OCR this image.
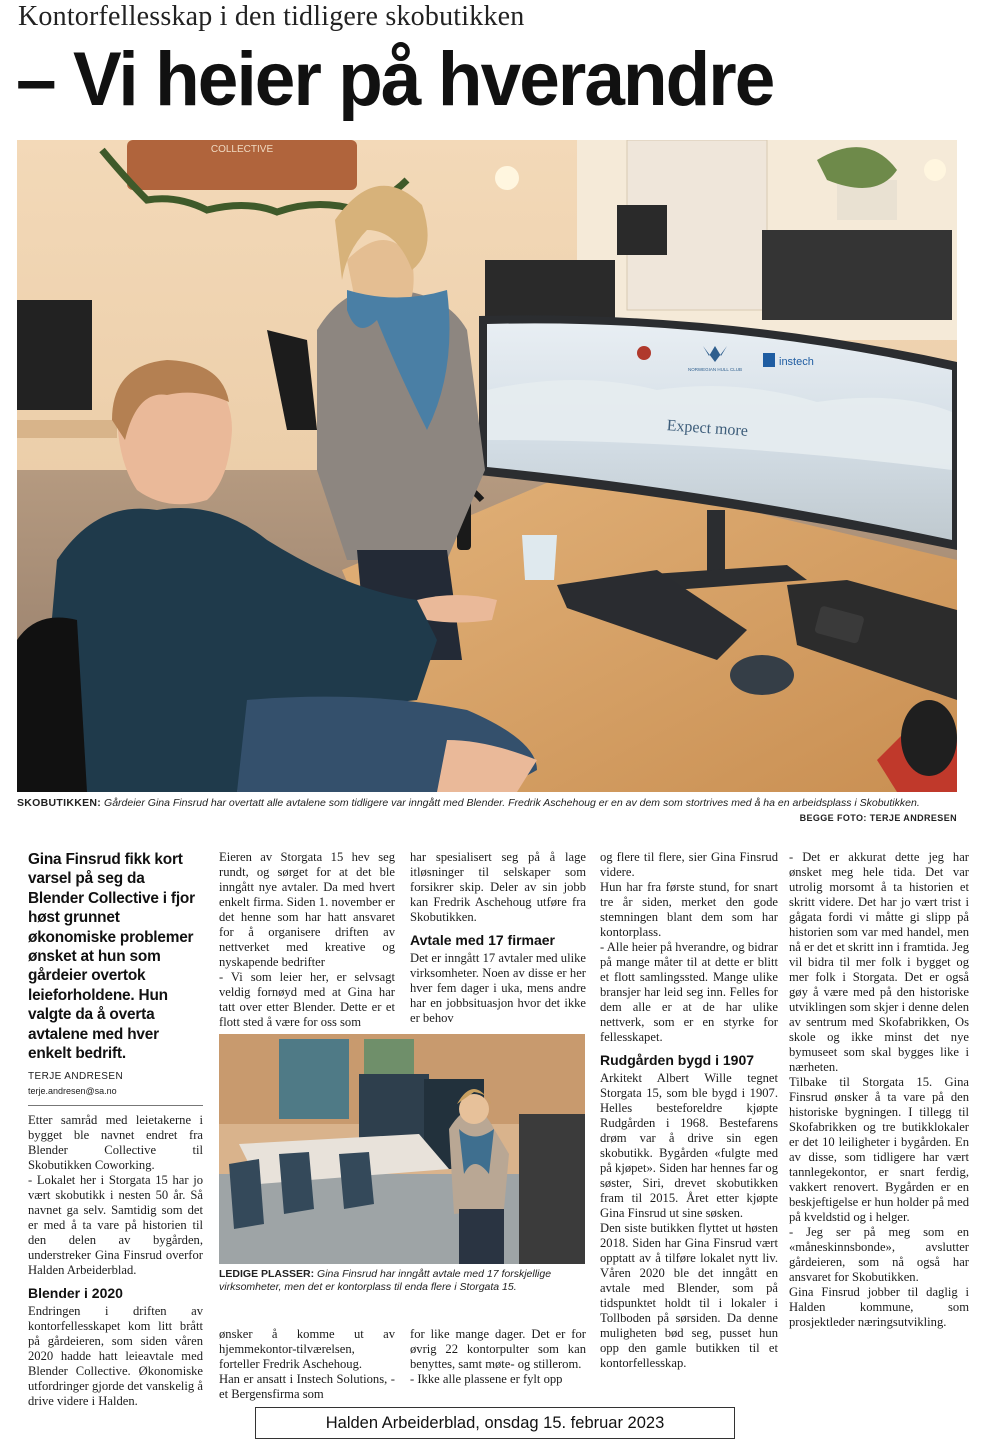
Kontorfellesskap i den tidligere skobutikken
– Vi heier på hverandre
COLLECTIVE
NORWEGIAN HULL CLUB
instech
Expect more
SKOBUTIKKEN: Gårdeier Gina Finsrud har overtatt alle avtalene som tidligere var inngått med Blender. Fredrik Aschehoug er en av dem som stortrives med å ha en arbeidsplass i Skobutikken.
BEGGE FOTO: TERJE ANDRESEN
Gina Finsrud fikk kort varsel på seg da Blender Collective i fjor høst grunnet økonomiske problemer ønsket at hun som gårdeier overtok leieforholdene. Hun valgte da å overta avtalene med hver enkelt bedrift.
TERJE ANDRESEN
terje.andresen@sa.no

Etter samråd med leietakerne i bygget ble navnet endret fra Blender Collective til Skobutikken Coworking.

- Lokalet her i Storgata 15 har jo vært skobutikk i nesten 50 år. Så navnet ga selv. Samtidig som det er med å ta vare på historien til den delen av bygården, understreker Gina Finsrud overfor Halden Arbeiderblad.

Blender i 2020

Endringen i driften av kontorfellesskapet kom litt brått på gårdeieren, som siden våren 2020 hadde hatt leieavtale med Blender Collective. Økonomiske utfordringer gjorde det vanskelig å drive videre i Halden.

Eieren av Storgata 15 hev seg rundt, og sørget for at det ble inngått nye avtaler. Da med hvert enkelt firma. Siden 1. november er det henne som har hatt ansvaret for å organisere driften av nettverket med kreative og nyskapende bedrifter

- Vi som leier her, er selvsagt veldig fornøyd med at Gina har tatt over etter Blender. Dette er et flott sted å være for oss som

har spesialisert seg på å lage itløsninger til selskaper som forsikrer skip. Deler av sin jobb kan Fredrik Aschehoug utføre fra Skobutikken.

Avtale med 17 firmaer

Det er inngått 17 avtaler med ulike virksomheter. Noen av disse er her hver fem dager i uka, mens andre har en jobbsituasjon hvor det ikke er behov

LEDIGE PLASSER: Gina Finsrud har inngått avtale med 17 forskjellige virksomheter, men det er kontorplass til enda flere i Storgata 15.

ønsker å komme ut av hjemmekontor-tilværelsen, forteller Fredrik Aschehoug.

Han er ansatt i Instech Solutions, - et Bergensfirma som

for like mange dager. Det er for øvrig 22 kontorpulter som kan benyttes, samt møte- og stillerom.

- Ikke alle plassene er fylt opp

og flere til flere, sier Gina Finsrud videre.

Hun har fra første stund, for snart tre år siden, merket den gode stemningen blant dem som har kontorplass.

- Alle heier på hverandre, og bidrar på mange måter til at dette er blitt et flott samlingssted. Mange ulike bransjer har leid seg inn. Felles for dem alle er at de har ulike nettverk, som er en styrke for fellesskapet.

Rudgården bygd i 1907

Arkitekt Albert Wille tegnet Storgata 15, som ble bygd i 1907. Helles besteforeldre kjøpte Rudgården i 1968. Bestefarens drøm var å drive sin egen skobutikk. Bygården «fulgte med på kjøpet». Siden har hennes far og søster, Siri, drevet skobutikken fram til 2015. Året etter kjøpte Gina Finsrud ut sine søsken.

Den siste butikken flyttet ut høsten 2018. Siden har Gina Finsrud vært opptatt av å tilføre lokalet nytt liv. Våren 2020 ble det inngått en avtale med Blender, som på tidspunktet holdt til i lokaler i Tollboden på sørsiden. Da denne muligheten bød seg, pusset hun opp den gamle butikken til et kontorfellesskap.

- Det er akkurat dette jeg har ønsket meg hele tida. Det var utrolig morsomt å ta historien et skritt videre. Det har jo vært trist i gågata fordi vi måtte gi slipp på historien som var med handel, men nå er det et skritt inn i framtida. Jeg vil bidra til mer folk i bygget og mer folk i Storgata. Det er også gøy å være med på den historiske utviklingen som skjer i denne delen av sentrum med Skofabrikken, Os skole og ikke minst det nye bymuseet som skal bygges like i nærheten.

Tilbake til Storgata 15. Gina Finsrud ønsker å ta vare på den historiske bygningen. I tillegg til Skofabrikken og tre butikklokaler er det 10 leiligheter i bygården. En av disse, som tidligere har vært tannlegekontor, er snart ferdig, vakkert renovert. Bygården er en beskjeftigelse er hun holder på med på kveldstid og i helger.

- Jeg ser på meg som en «måneskinnsbonde», avslutter gårdeieren, som nå også har ansvaret for Skobutikken.

Gina Finsrud jobber til daglig i Halden kommune, som prosjektleder næringsutvikling.

Halden Arbeiderblad, onsdag 15. februar 2023
